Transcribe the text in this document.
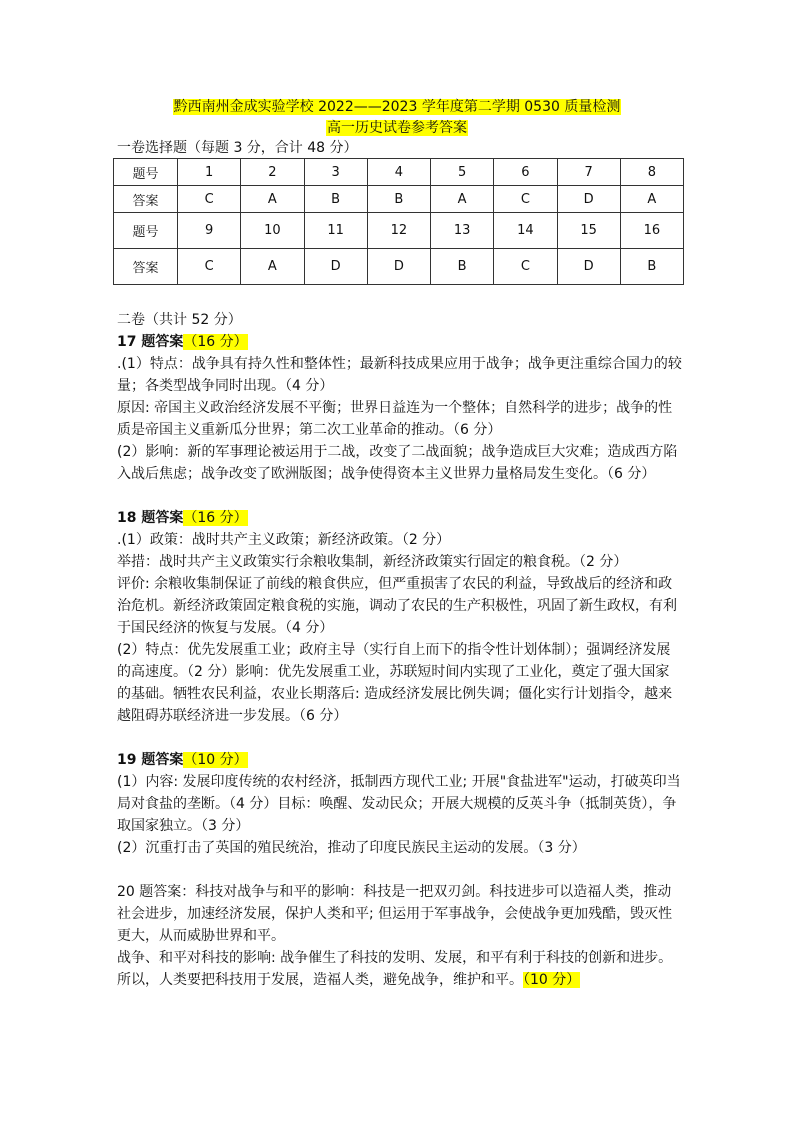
黔西南州金成实验学校 2022——2023 学年度第二学期 0530 质量检测
高一历史试卷参考答案
一卷选择题（每题 3 分，合计 48 分）
题号	1	2	3	4	5	6	7	8
答案	C	A	B	B	A	C	D	A
题号	9	10	11	12	13	14	15	16
答案	C	A	D	D	B	C	D	B

二卷（共计 52 分）

17 题答案（16 分）

.(1）特点：战争具有持久性和整体性；最新科技成果应用于战争；战争更注重综合国力的较量；各类型战争同时出现。（4 分）

原因: 帝国主义政治经济发展不平衡；世界日益连为一个整体；自然科学的进步；战争的性质是帝国主义重新瓜分世界；第二次工业革命的推动。（6 分）

(2）影响：新的军事理论被运用于二战，改变了二战面貌；战争造成巨大灾难；造成西方陷入战后焦虑；战争改变了欧洲版图；战争使得资本主义世界力量格局发生变化。（6 分）

18 题答案（16 分）

.(1）政策：战时共产主义政策；新经济政策。（2 分）

举措：战时共产主义政策实行余粮收集制，新经济政策实行固定的粮食税。（2 分）

评价: 余粮收集制保证了前线的粮食供应，但严重损害了农民的利益，导致战后的经济和政治危机。新经济政策固定粮食税的实施，调动了农民的生产积极性，巩固了新生政权，有利于国民经济的恢复与发展。（4 分）

(2）特点：优先发展重工业；政府主导（实行自上而下的指令性计划体制）；强调经济发展的高速度。（2 分）影响：优先发展重工业，苏联短时间内实现了工业化，奠定了强大国家的基础。牺牲农民利益，农业长期落后: 造成经济发展比例失调；僵化实行计划指令，越来越阻碍苏联经济进一步发展。（6 分）

19 题答案（10 分）

(1）内容: 发展印度传统的农村经济，抵制西方现代工业; 开展"食盐进军"运动，打破英印当局对食盐的垄断。（4 分）目标：唤醒、发动民众；开展大规模的反英斗争（抵制英货），争取国家独立。（3 分）

(2）沉重打击了英国的殖民统治，推动了印度民族民主运动的发展。（3 分）

20 题答案：科技对战争与和平的影响：科技是一把双刃剑。科技进步可以造福人类，推动社会进步，加速经济发展，保护人类和平; 但运用于军事战争，会使战争更加残酷，毁灭性更大，从而威胁世界和平。

战争、和平对科技的影响: 战争催生了科技的发明、发展，和平有利于科技的创新和进步。所以，人类要把科技用于发展，造福人类，避免战争，维护和平。（10 分）
